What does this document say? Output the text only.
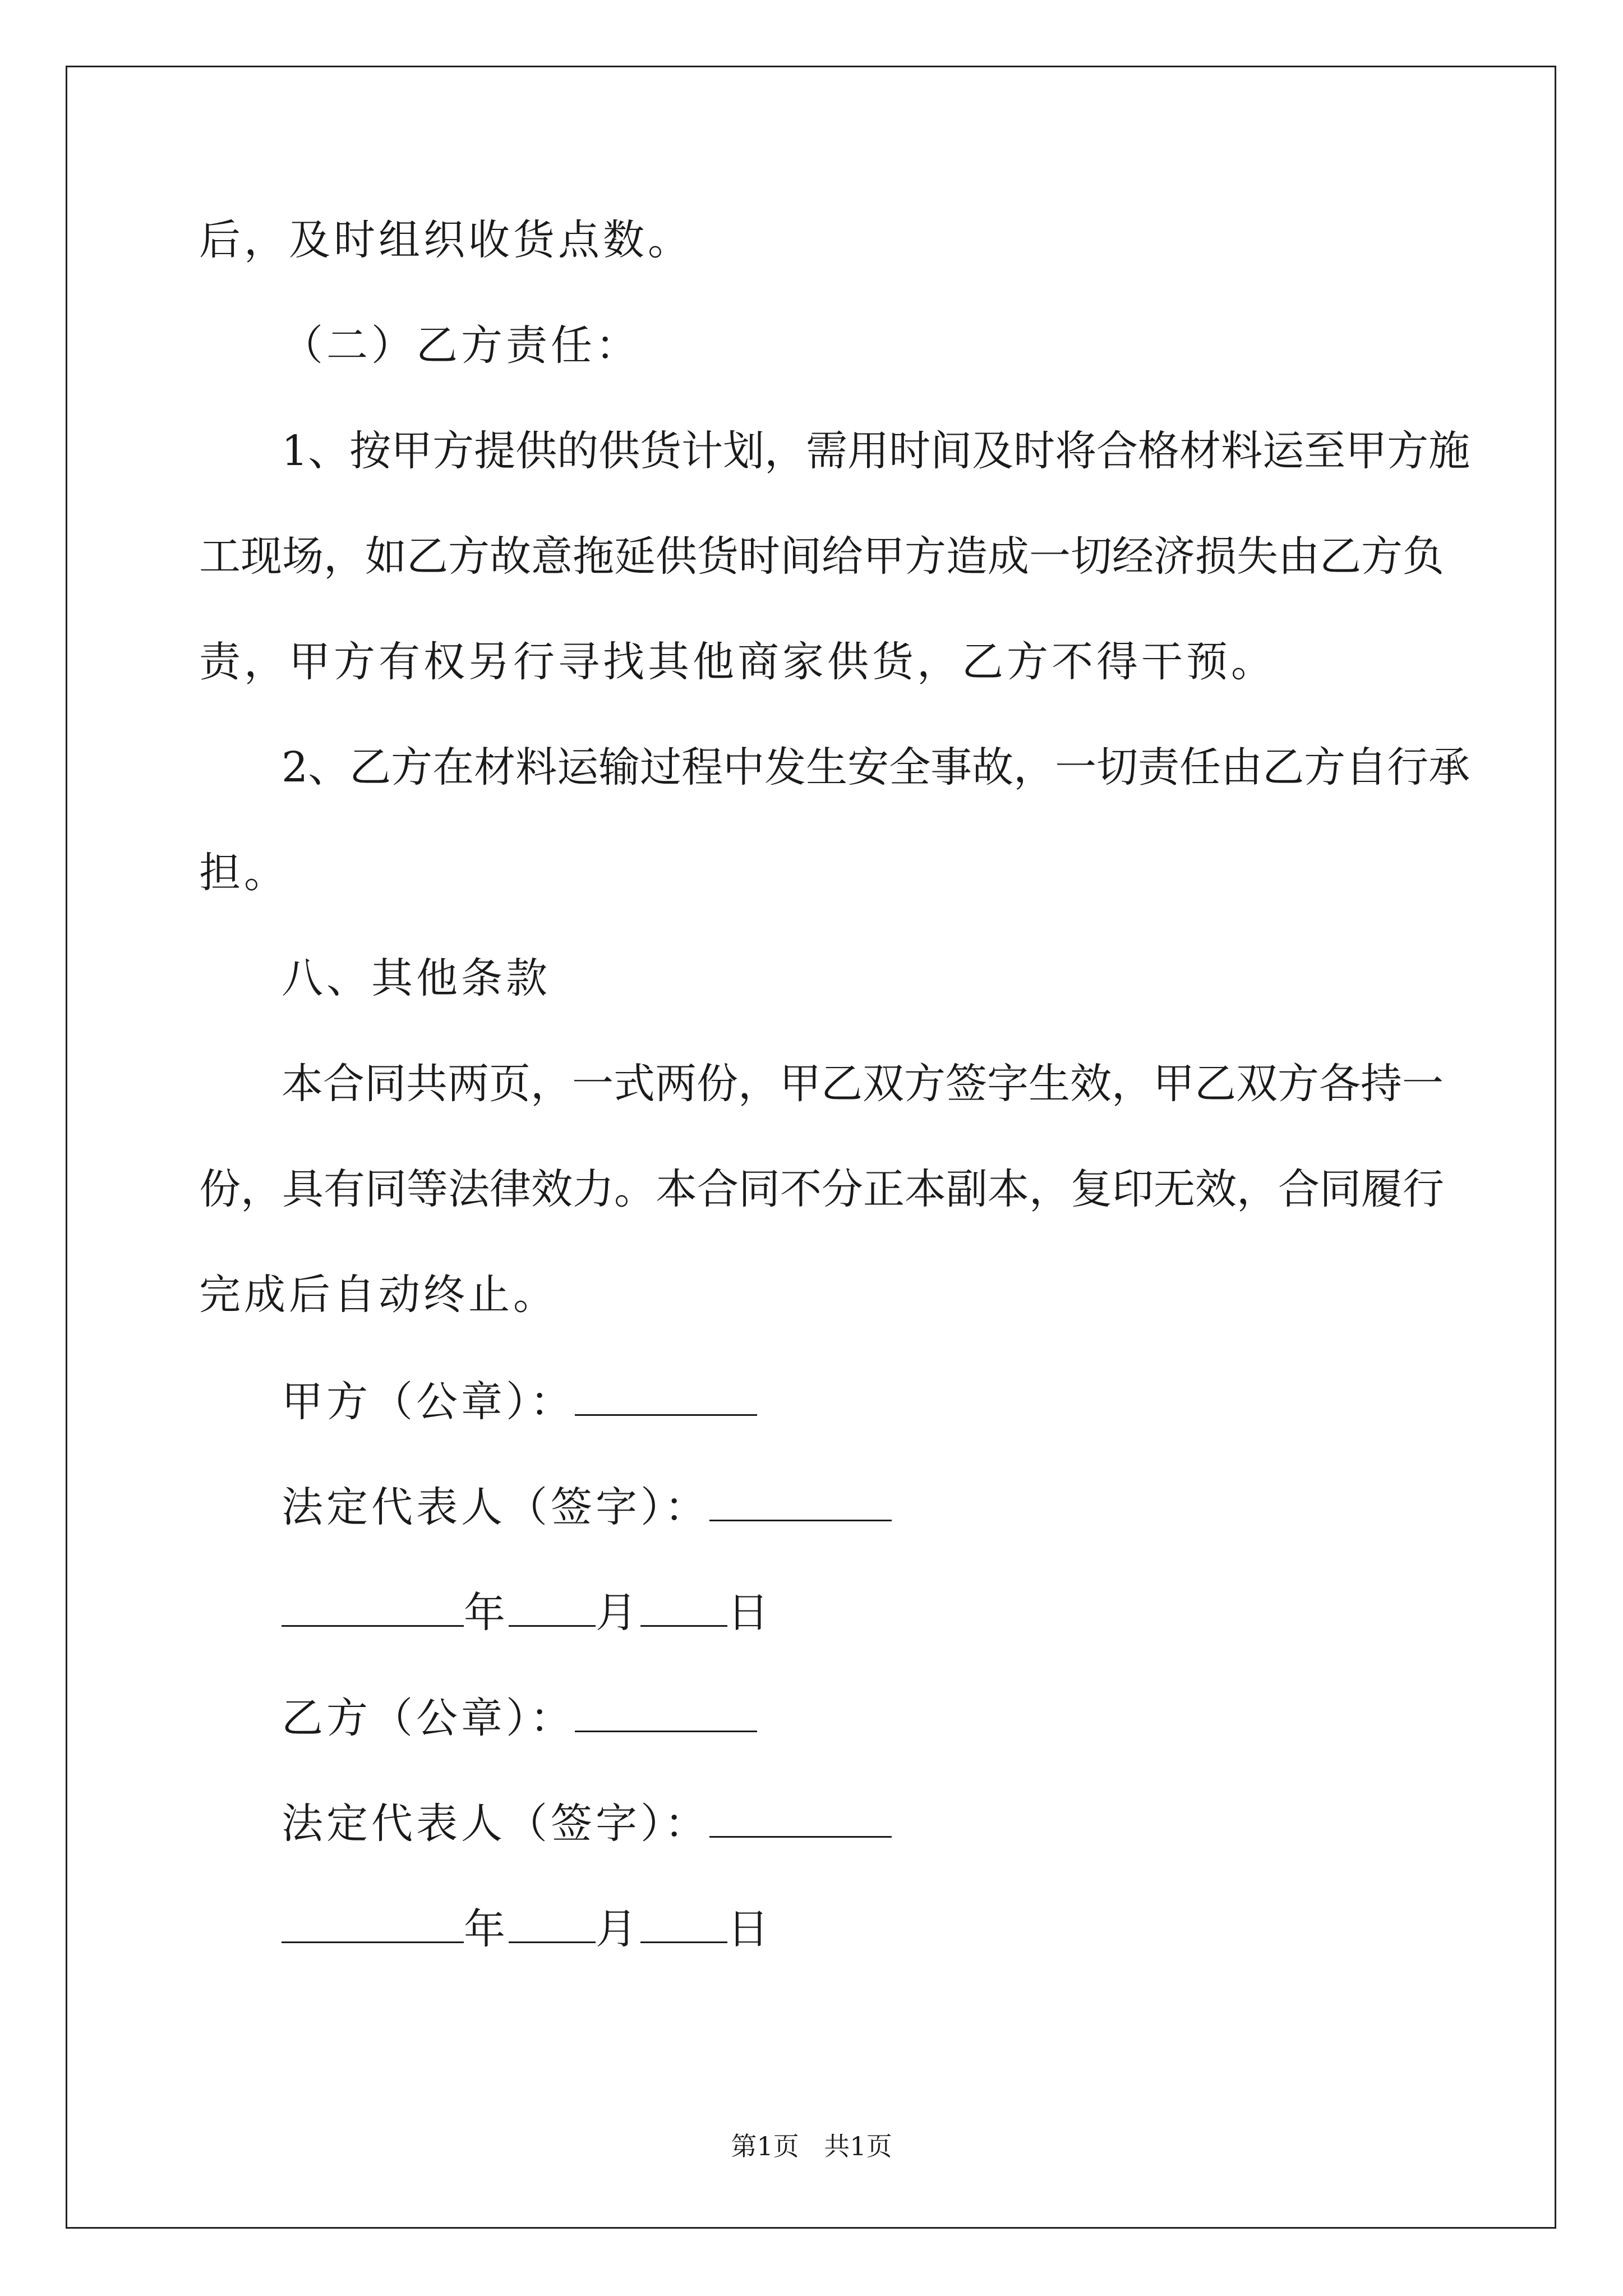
后，及时组织收货点数。
（二）乙方责任：
1、按甲方提供的供货计划，需用时间及时将合格材料运至甲方施
工现场，如乙方故意拖延供货时间给甲方造成一切经济损失由乙方负
责，甲方有权另行寻找其他商家供货，乙方不得干预。
2、乙方在材料运输过程中发生安全事故，一切责任由乙方自行承
担。
八、其他条款
本合同共两页，一式两份，甲乙双方签字生效，甲乙双方各持一
份，具有同等法律效力。本合同不分正本副本，复印无效，合同履行
完成后自动终止。
甲方（公章）：
法定代表人（签字）：
年 月 日
乙方（公章）：
法定代表人（签字）：
年 月 日
第1页 共1页
